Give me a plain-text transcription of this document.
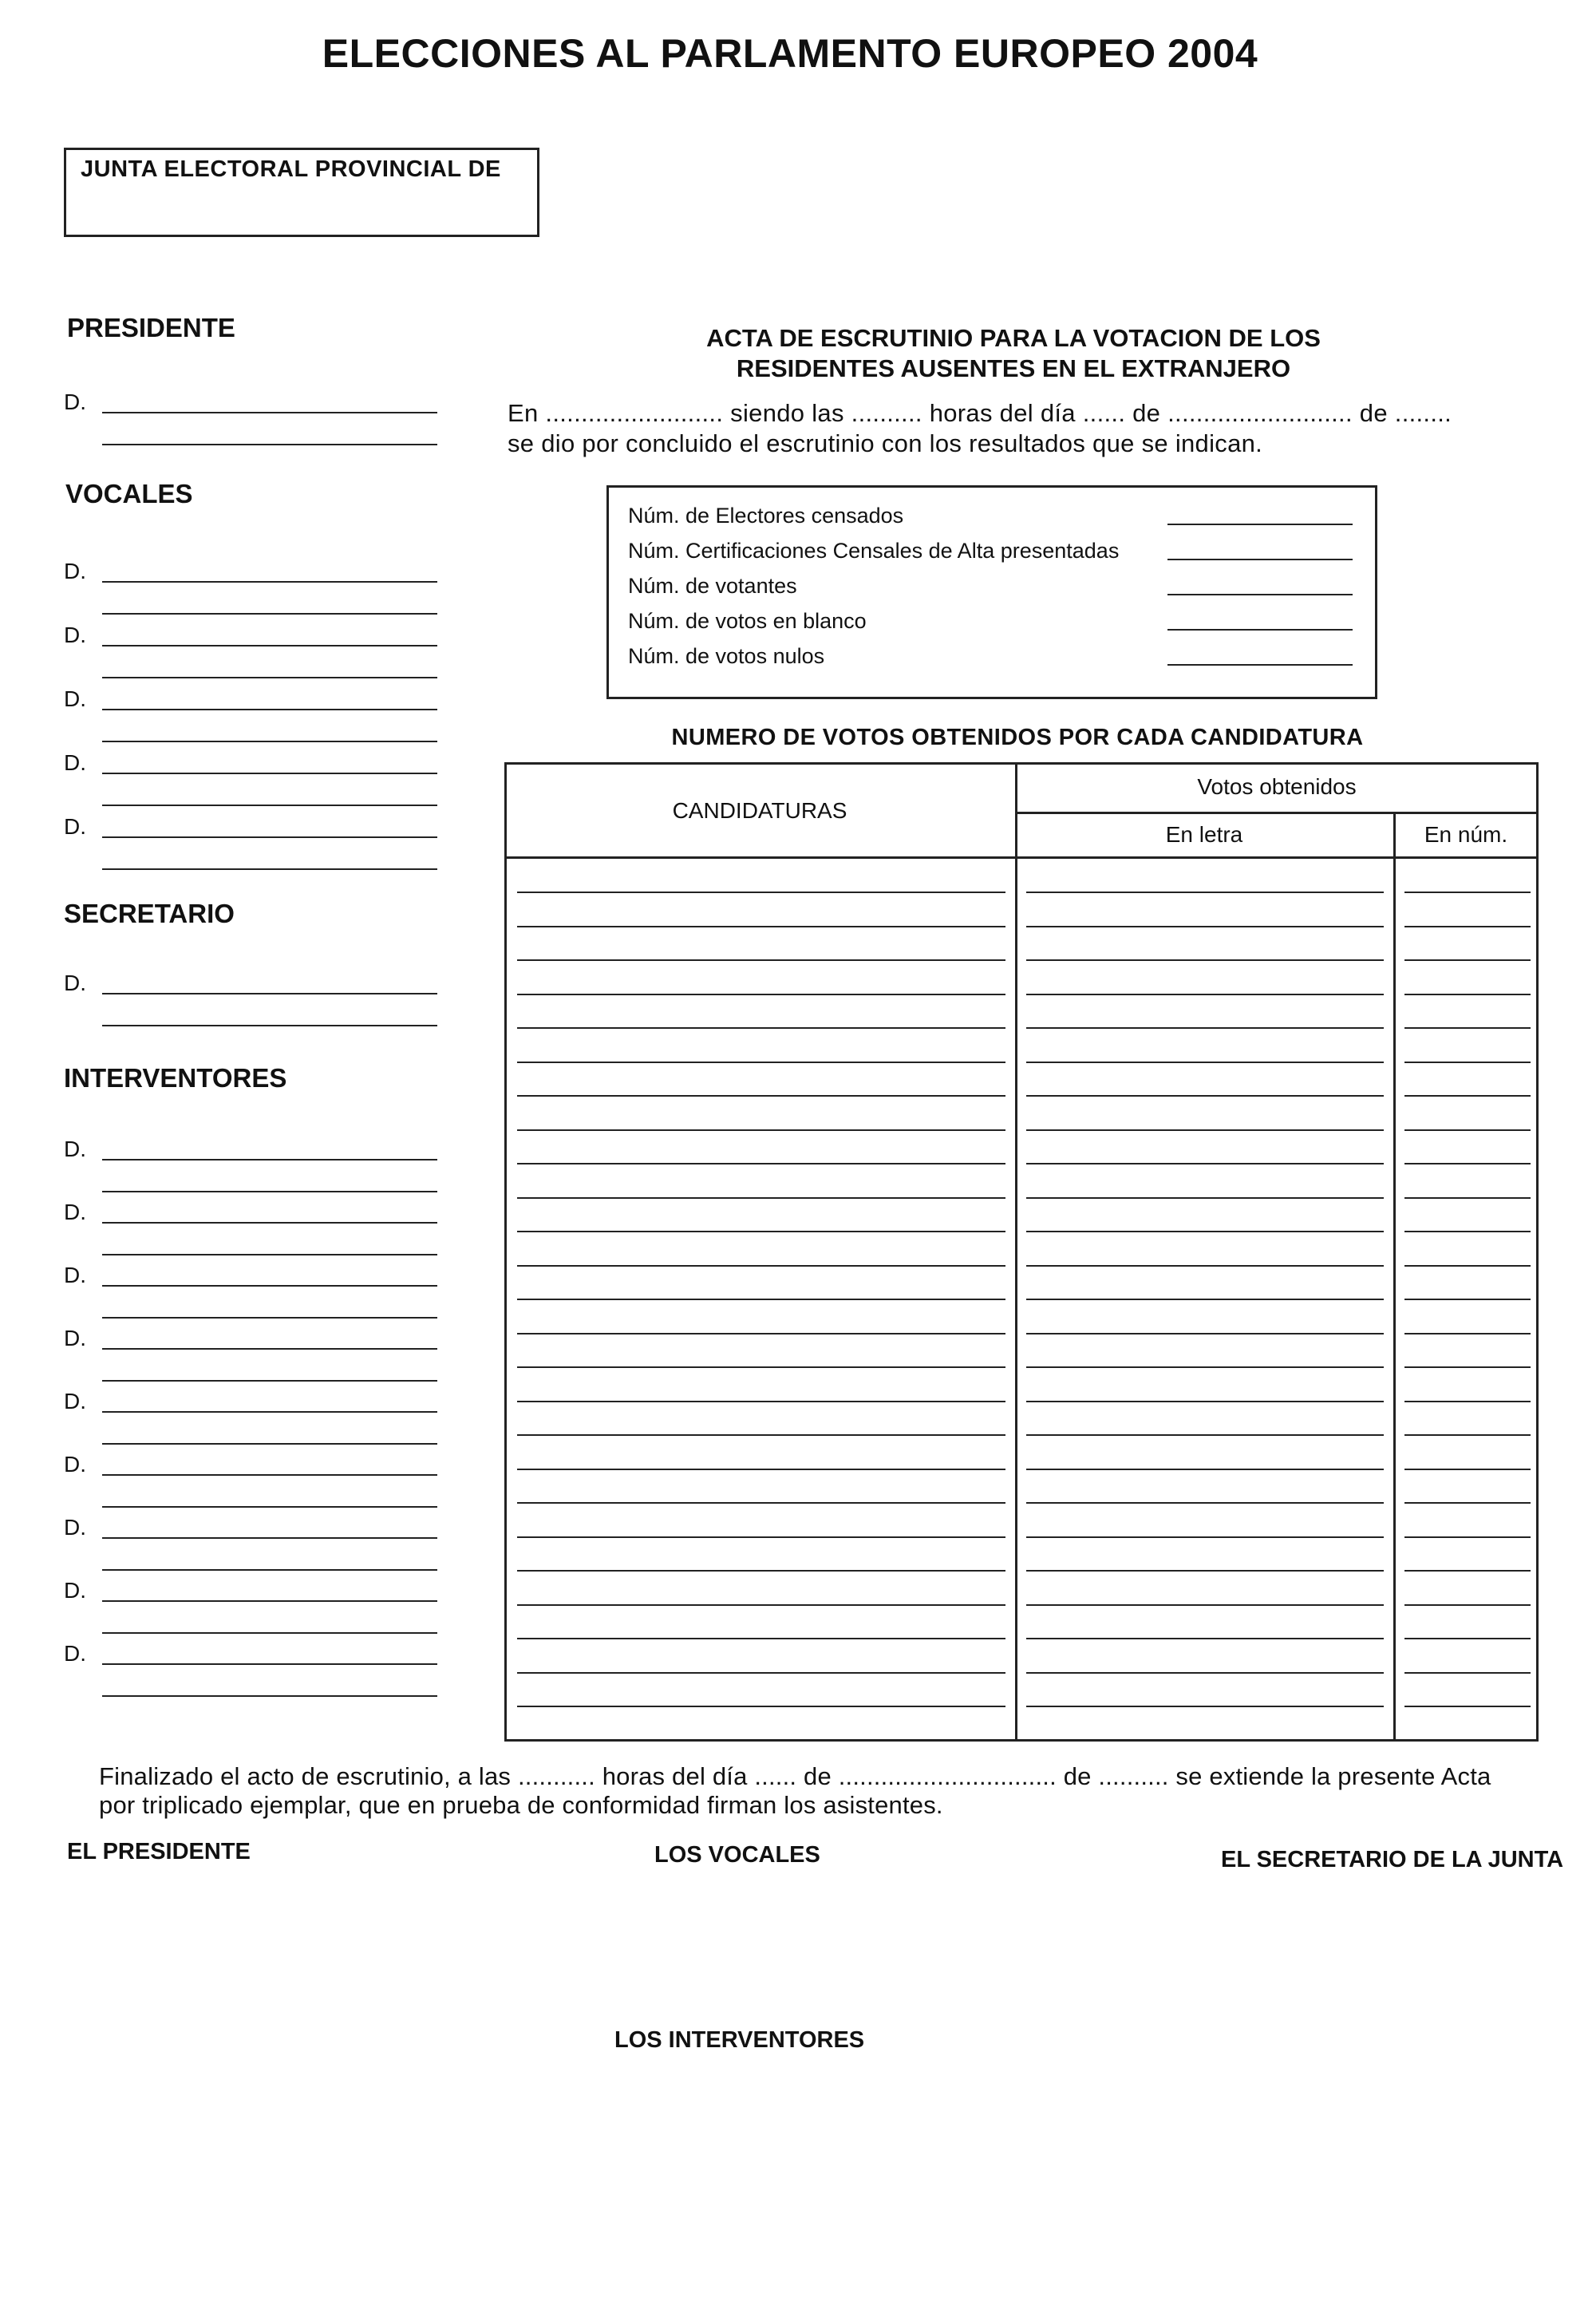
ELECCIONES AL PARLAMENTO EUROPEO 2004
JUNTA ELECTORAL PROVINCIAL DE
PRESIDENTE
VOCALES
SECRETARIO
INTERVENTORES
D.
D.
D.
D.
D.
D.
D.
D.
D.
D.
D.
D.
D.
D.
D.
D.
ACTA DE ESCRUTINIO PARA LA VOTACION DE LOS
RESIDENTES AUSENTES EN EL EXTRANJERO
En ......................... siendo las .......... horas del día ...... de .......................... de ........
se dio por concluido el escrutinio con los resultados que se indican.
Núm. de Electores censados
Núm. Certificaciones Censales de Alta presentadas
Núm. de votantes
Núm. de votos en blanco
Núm. de votos nulos
NUMERO DE VOTOS OBTENIDOS POR CADA CANDIDATURA
CANDIDATURAS
Votos obtenidos
En letra	En núm.
Finalizado el acto de escrutinio, a las ........... horas del día ...... de ............................... de .......... se extiende la presente Acta
por triplicado ejemplar, que en prueba de conformidad firman los asistentes.
EL PRESIDENTE	LOS VOCALES	EL SECRETARIO DE LA JUNTA
LOS INTERVENTORES
